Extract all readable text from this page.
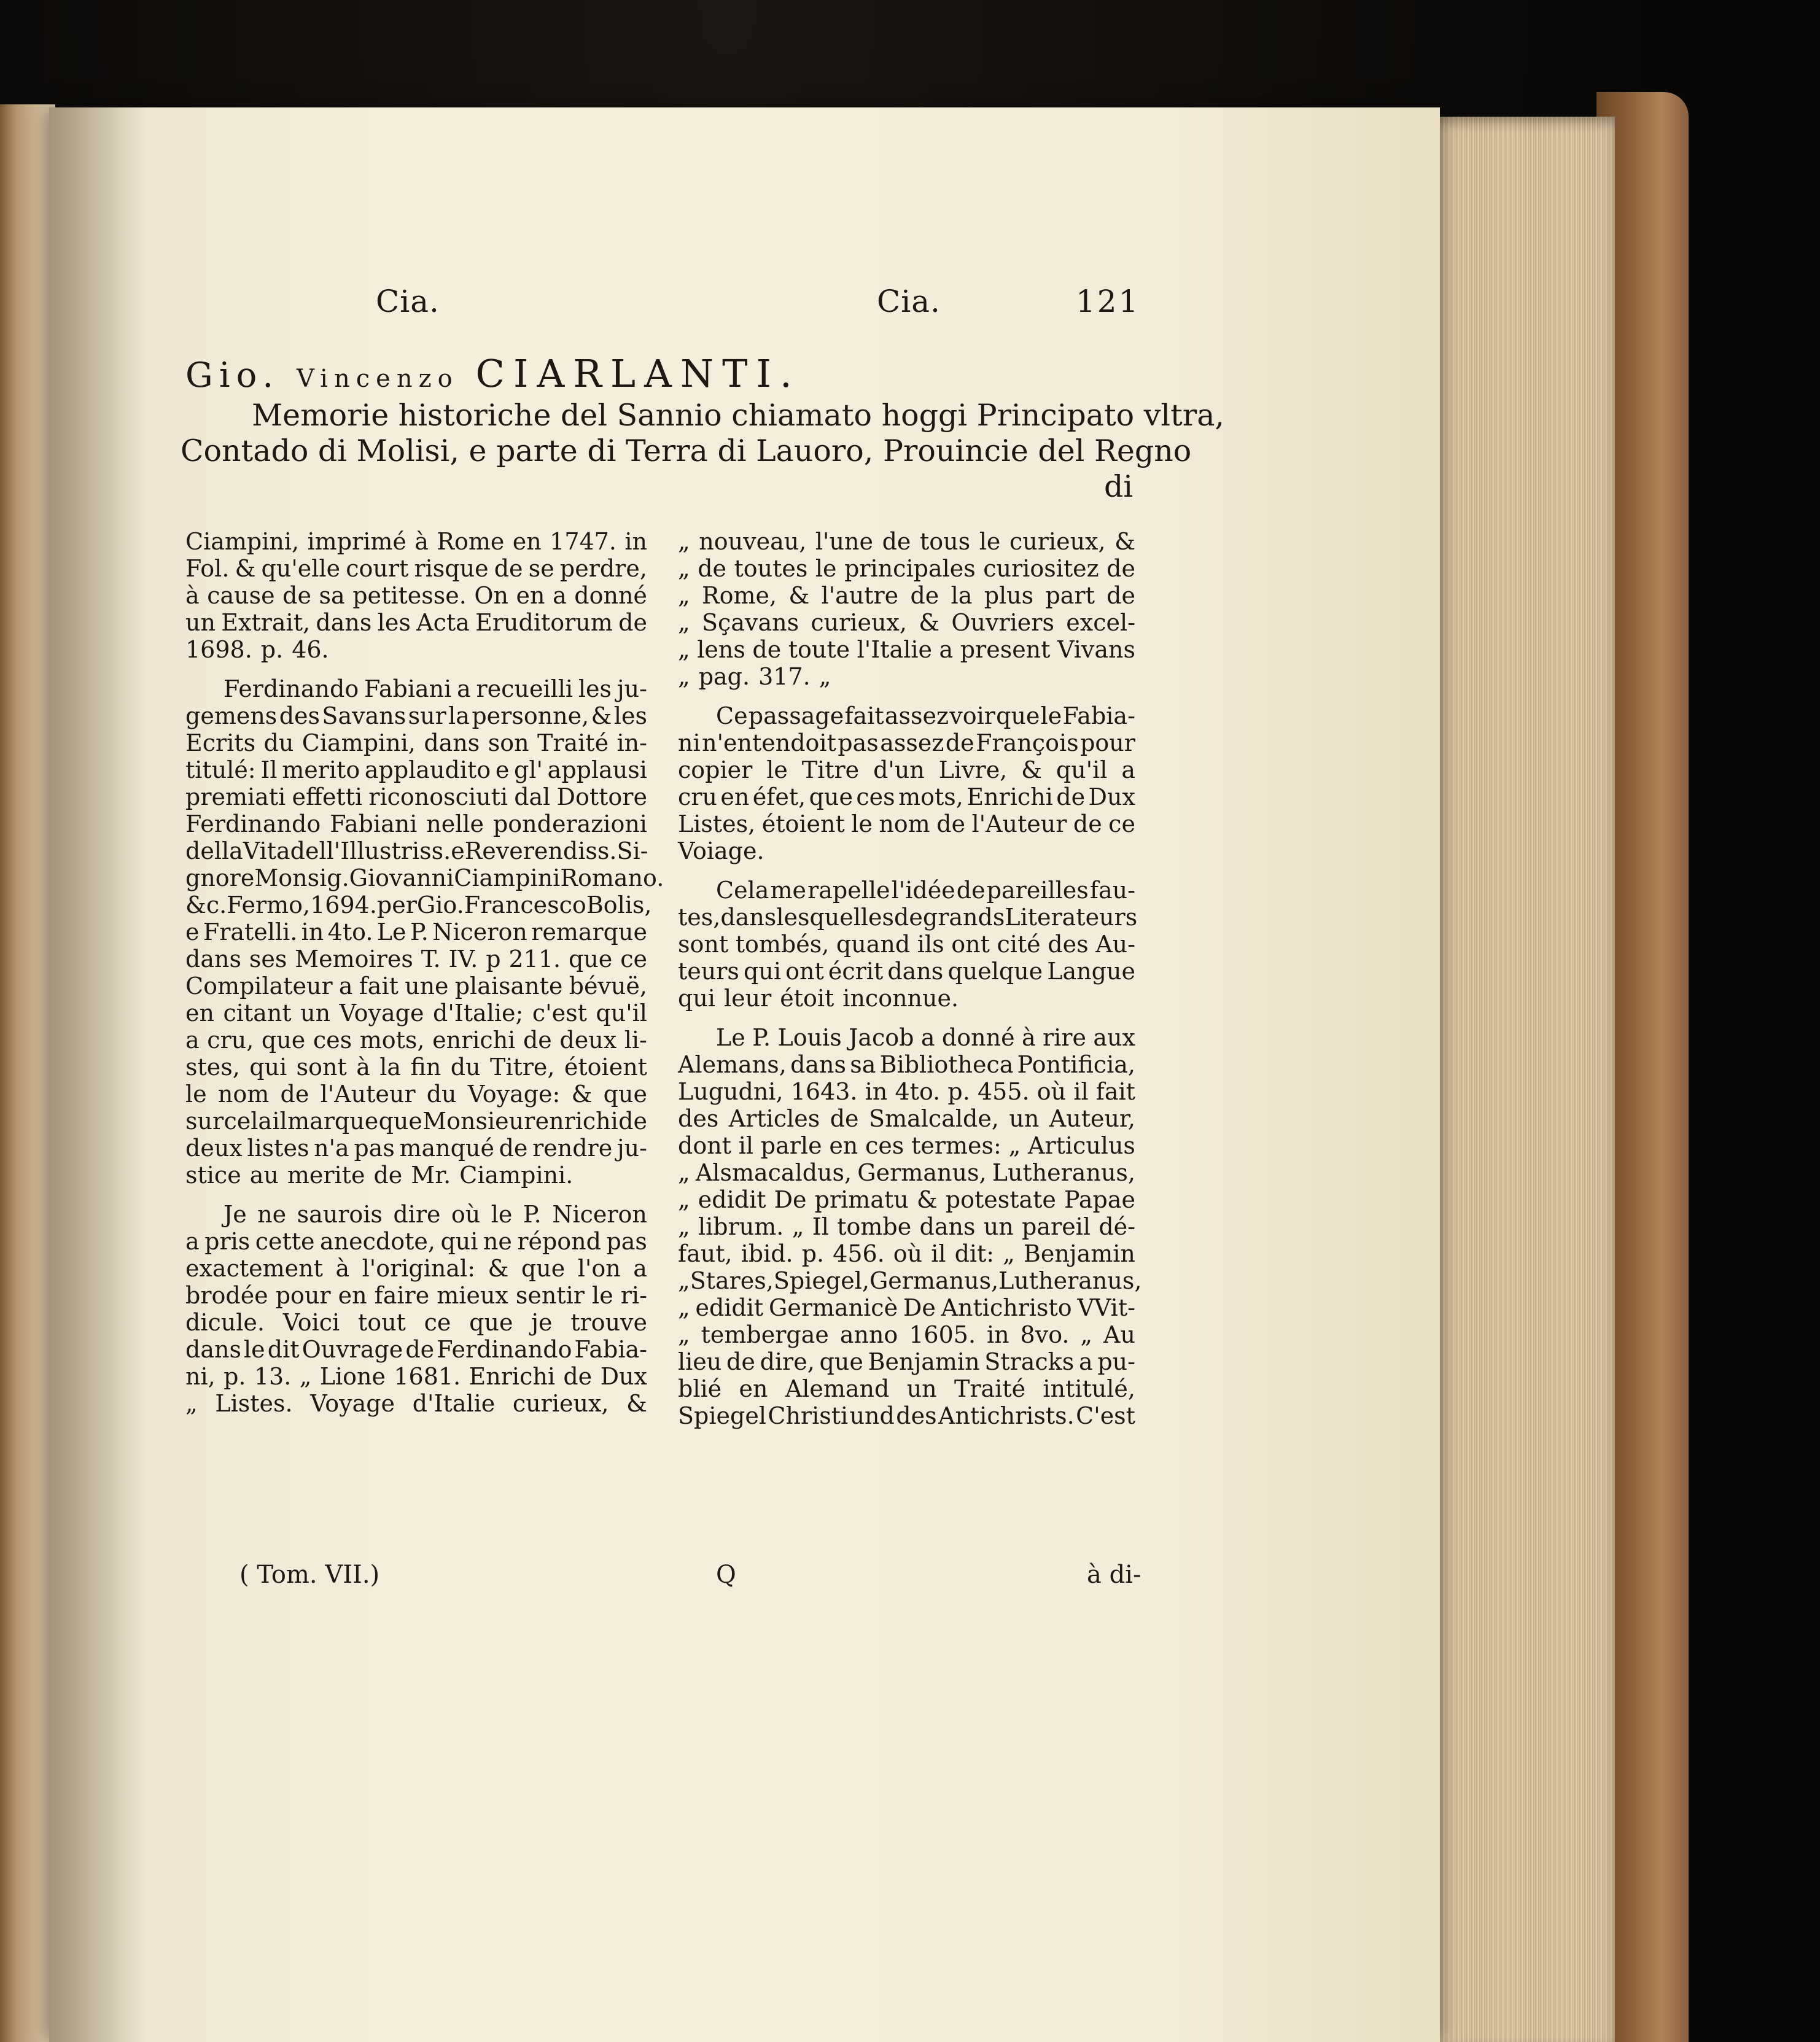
Cia.	Cia.	121
Gio. Vincenzo CIARLANTI.
Memorie historiche del Sannio chiamato hoggi Principato vltra,
Contado di Molisi, e parte di Terra di Lauoro, Prouincie del Regno
di
Ciampini, imprimé à Rome en 1747. in
Fol. & qu'elle court risque de se perdre,
à cause de sa petitesse. On en a donné
un Extrait, dans les Acta Eruditorum de
1698. p. 46.
Ferdinando Fabiani a recueilli les ju-
gemens des Savans sur la personne, & les
Ecrits du Ciampini, dans son Traité in-
titulé: Il merito applaudito e gl' applausi
premiati effetti riconosciuti dal Dottore
Ferdinando Fabiani nelle ponderazioni
della Vita dell' Illustriss. e Reverendiss. Si-
gnore Monsig. Giovanni Ciampini Romano.
&c. Fermo, 1694. per Gio. Francesco Bolis,
e Fratelli. in 4to. Le P. Niceron remarque
dans ses Memoires T. IV. p 211. que ce
Compilateur a fait une plaisante bévuë,
en citant un Voyage d'Italie; c'est qu'il
a cru, que ces mots, enrichi de deux li-
stes, qui sont à la fin du Titre, étoient
le nom de l'Auteur du Voyage: & que
sur cela il marque que Monsieur enrichi de
deux listes n'a pas manqué de rendre ju-
stice au merite de Mr. Ciampini.
Je ne saurois dire où le P. Niceron
a pris cette anecdote, qui ne répond pas
exactement à l'original: & que l'on a
brodée pour en faire mieux sentir le ri-
dicule. Voici tout ce que je trouve
dans le dit Ouvrage de Ferdinando Fabia-
ni, p. 13. „ Lione 1681. Enrichi de Dux
„ Listes. Voyage d'Italie curieux, &
„ nouveau, l'une de tous le curieux, &
„ de toutes le principales curiositez de
„ Rome, & l'autre de la plus part de
„ Sçavans curieux, & Ouvriers excel-
„ lens de toute l'Italie a present Vivans
„ pag. 317. „
Ce passage fait assez voir que le Fabia-
ni n'entendoit pas assez de François pour
copier le Titre d'un Livre, & qu'il a
cru en éfet, que ces mots, Enrichi de Dux
Listes, étoient le nom de l'Auteur de ce
Voiage.
Cela me rapelle l'idée de pareilles fau-
tes, dans lesquelles de grands Literateurs
sont tombés, quand ils ont cité des Au-
teurs qui ont écrit dans quelque Langue
qui leur étoit inconnue.
Le P. Louis Jacob a donné à rire aux
Alemans, dans sa Bibliotheca Pontificia,
Lugudni, 1643. in 4to. p. 455. où il fait
des Articles de Smalcalde, un Auteur,
dont il parle en ces termes: „ Articulus
„ Alsmacaldus, Germanus, Lutheranus,
„ edidit De primatu & potestate Papae
„ librum. „ Il tombe dans un pareil dé-
faut, ibid. p. 456. où il dit: „ Benjamin
„ Stares, Spiegel, Germanus, Lutheranus,
„ edidit Germanicè De Antichristo VVit-
„ tembergae anno 1605. in 8vo. „ Au
lieu de dire, que Benjamin Stracks a pu-
blié en Alemand un Traité intitulé,
Spiegel Christi und des Antichrists. C'est
( Tom. VII.)	Q	à di-
